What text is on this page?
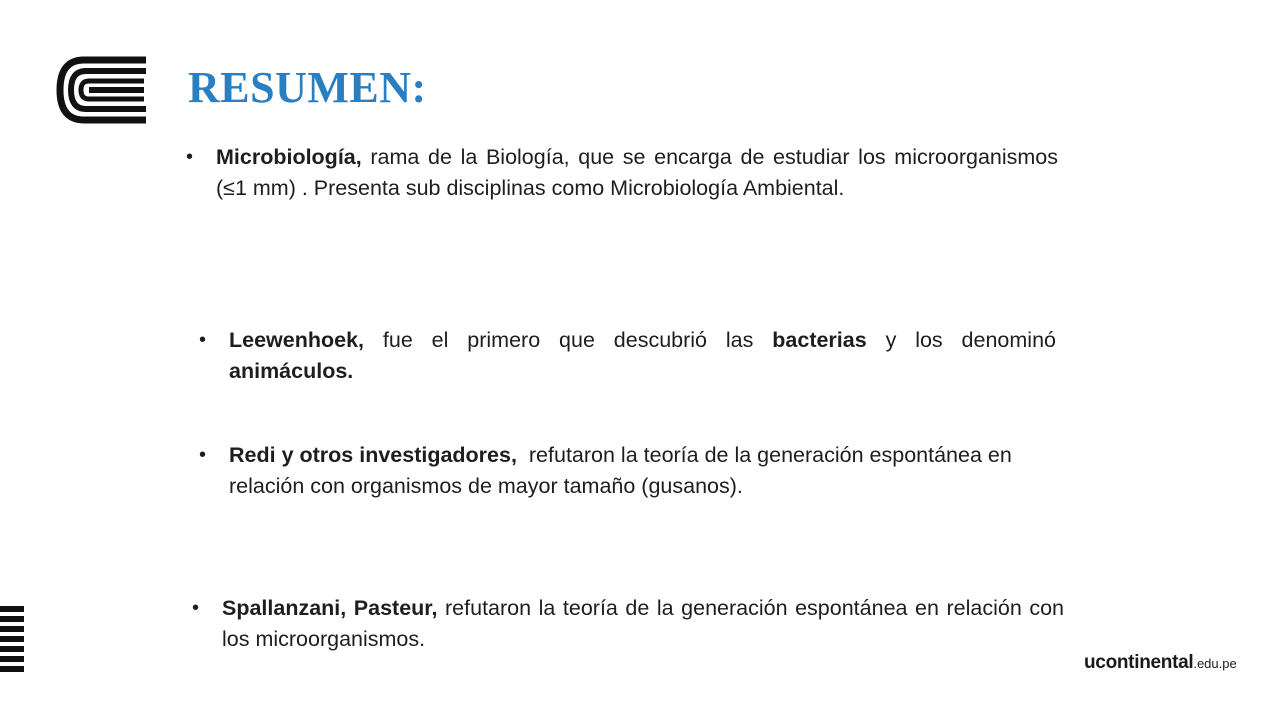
RESUMEN:
•	Microbiología, rama de la Biología, que se encarga de estudiar los microorganismos (≤1 mm) . Presenta sub disciplinas como Microbiología Ambiental.
•	Leewenhoek, fue el primero que descubrió las bacterias y los denominó animáculos.
•	Redi y otros investigadores,  refutaron la teoría de la generación espontánea en relación con organismos de mayor tamaño (gusanos).
•	Spallanzani, Pasteur, refutaron la teoría de la generación espontánea en relación con los microorganismos.
ucontinental.edu.pe
